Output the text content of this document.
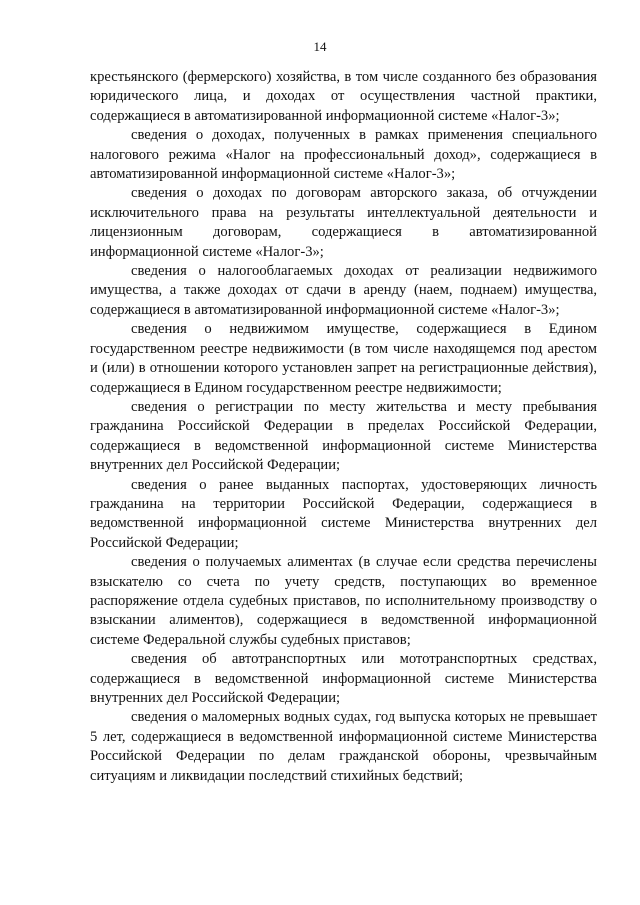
14

крестьянского (фермерского) хозяйства, в том числе созданного без образования юридического лица, и доходах от осуществления частной практики, содержащиеся в автоматизированной информационной системе «Налог-3»;

сведения о доходах, полученных в рамках применения специального налогового режима «Налог на профессиональный доход», содержащиеся в автоматизированной информационной системе «Налог-3»;

сведения о доходах по договорам авторского заказа, об отчуждении исключительного права на результаты интеллектуальной деятельности и лицензионным договорам, содержащиеся в автоматизированной информационной системе «Налог-3»;

сведения о налогооблагаемых доходах от реализации недвижимого имущества, а также доходах от сдачи в аренду (наем, поднаем) имущества, содержащиеся в автоматизированной информационной системе «Налог-3»;

сведения о недвижимом имуществе, содержащиеся в Едином государственном реестре недвижимости (в том числе находящемся под арестом и (или) в отношении которого установлен запрет на регистрационные действия), содержащиеся в Едином государственном реестре недвижимости;

сведения о регистрации по месту жительства и месту пребывания гражданина Российской Федерации в пределах Российской Федерации, содержащиеся в ведомственной информационной системе Министерства внутренних дел Российской Федерации;

сведения о ранее выданных паспортах, удостоверяющих личность гражданина на территории Российской Федерации, содержащиеся в ведомственной информационной системе Министерства внутренних дел Российской Федерации;

сведения о получаемых алиментах (в случае если средства перечислены взыскателю со счета по учету средств, поступающих во временное распоряжение отдела судебных приставов, по исполнительному производству о взыскании алиментов), содержащиеся в ведомственной информационной системе Федеральной службы судебных приставов;

сведения об автотранспортных или мототранспортных средствах, содержащиеся в ведомственной информационной системе Министерства внутренних дел Российской Федерации;

сведения о маломерных водных судах, год выпуска которых не превышает 5 лет, содержащиеся в ведомственной информационной системе Министерства Российской Федерации по делам гражданской обороны, чрезвычайным ситуациям и ликвидации последствий стихийных бедствий;
